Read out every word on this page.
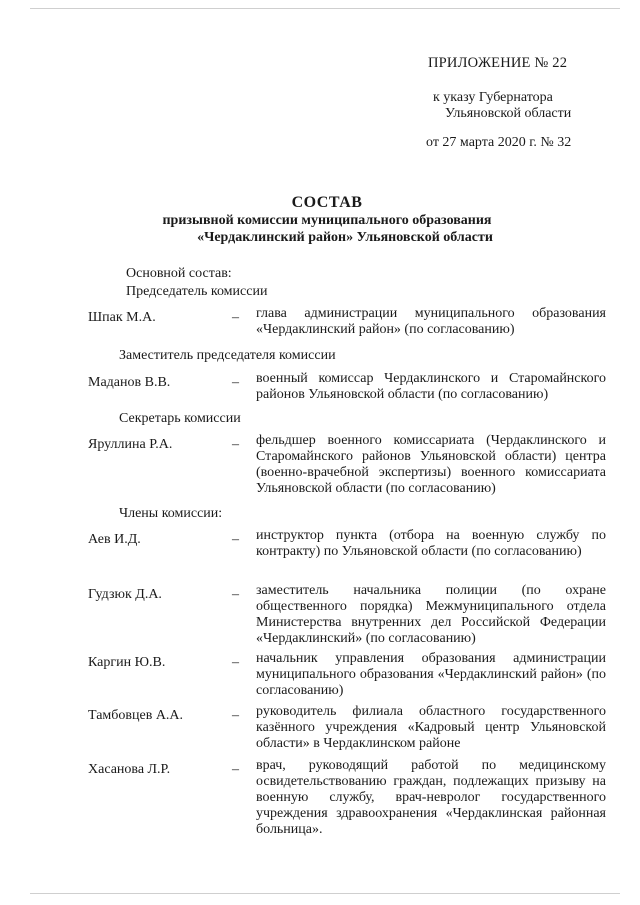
ПРИЛОЖЕНИЕ № 22
к указу Губернатора
Ульяновской области
от 27 марта 2020 г. № 32
СОСТАВ
призывной комиссии муниципального образования
«Чердаклинский район» Ульяновской области
Основной состав:
Председатель комиссии
Шпак М.А.	– глава администрации муниципального образования «Чердаклинский район» (по согласованию)
Заместитель председателя комиссии
Маданов В.В.	– военный комиссар Чердаклинского и Старомайнского районов Ульяновской области (по согласованию)
Секретарь комиссии
Яруллина Р.А.	– фельдшер военного комиссариата (Чердаклинского и Старомайнского районов Ульяновской области) центра (военно-врачебной экспертизы) военного комиссариата Ульяновской области (по согласованию)
Члены комиссии:
Аев И.Д.	– инструктор пункта (отбора на военную службу по контракту) по Ульяновской области (по согласованию)
Гудзюк Д.А.	– заместитель начальника полиции (по охране общественного порядка) Межмуниципального отдела Министерства внутренних дел Российской Федерации «Чердаклинский» (по согласованию)
Каргин Ю.В.	– начальник управления образования администрации муниципального образования «Чердаклинский район» (по согласованию)
Тамбовцев А.А.	– руководитель филиала областного государственного казённого учреждения «Кадровый центр Ульяновской области» в Чердаклинском районе
Хасанова Л.Р.	– врач, руководящий работой по медицинскому освидетельствованию граждан, подлежащих призыву на военную службу, врач-невролог государственного учреждения здравоохранения «Чердаклинская районная больница».
